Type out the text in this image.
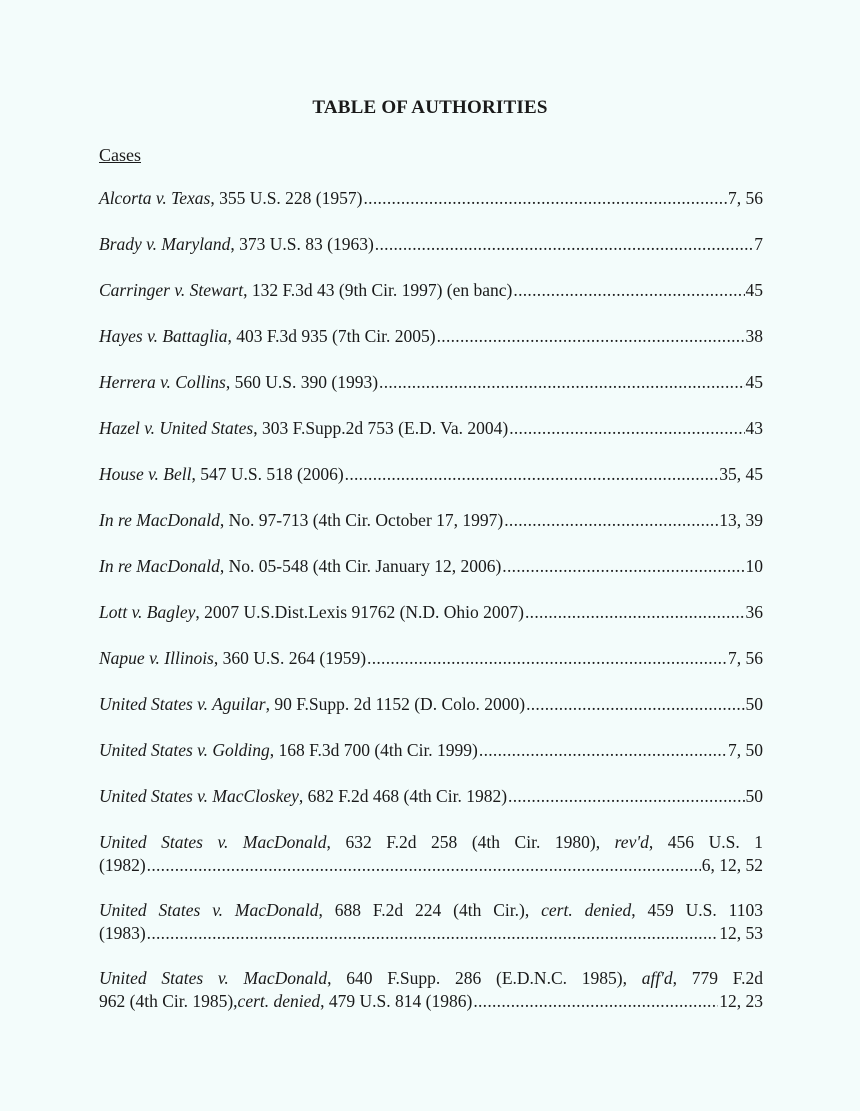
TABLE OF AUTHORITIES
Cases
Alcorta v. Texas , 355 U.S. 228 (1957) .....	7, 56
Brady v. Maryland , 373 U.S. 83 (1963) .....	7
Carringer v. Stewart , 132 F.3d 43 (9th Cir. 1997) (en banc) .....	45
Hayes v. Battaglia , 403 F.3d 935 (7th Cir. 2005) .....	38
Herrera v. Collins , 560 U.S. 390 (1993) .....	45
Hazel v. United States , 303 F.Supp.2d 753 (E.D. Va. 2004) .....	43
House v. Bell , 547 U.S. 518 (2006) .....	35, 45
In re MacDonald , No. 97-713 (4th Cir. October 17, 1997) .....	13, 39
In re MacDonald , No. 05-548 (4th Cir. January 12, 2006) .....	10
Lott v. Bagley , 2007 U.S.Dist.Lexis 91762 (N.D. Ohio 2007) .....	36
Napue v. Illinois , 360 U.S. 264 (1959) .....	7, 56
United States v. Aguilar , 90 F.Supp. 2d 1152 (D. Colo. 2000) .....	50
United States v. Golding , 168 F.3d 700 (4th Cir. 1999) .....	7, 50
United States v. MacCloskey , 682 F.2d 468 (4th Cir. 1982) .....	50
United States v. MacDonald, 632 F.2d 258 (4th Cir. 1980), rev'd, 456 U.S. 1
(1982) .....	6, 12, 52
United States v. MacDonald, 688 F.2d 224 (4th Cir.), cert. denied, 459 U.S. 1103
(1983) .....	12, 53
United States v. MacDonald, 640 F.Supp. 286 (E.D.N.C. 1985), aff'd, 779 F.2d
962 (4th Cir. 1985), cert. denied , 479 U.S. 814 (1986) .....	12, 23
